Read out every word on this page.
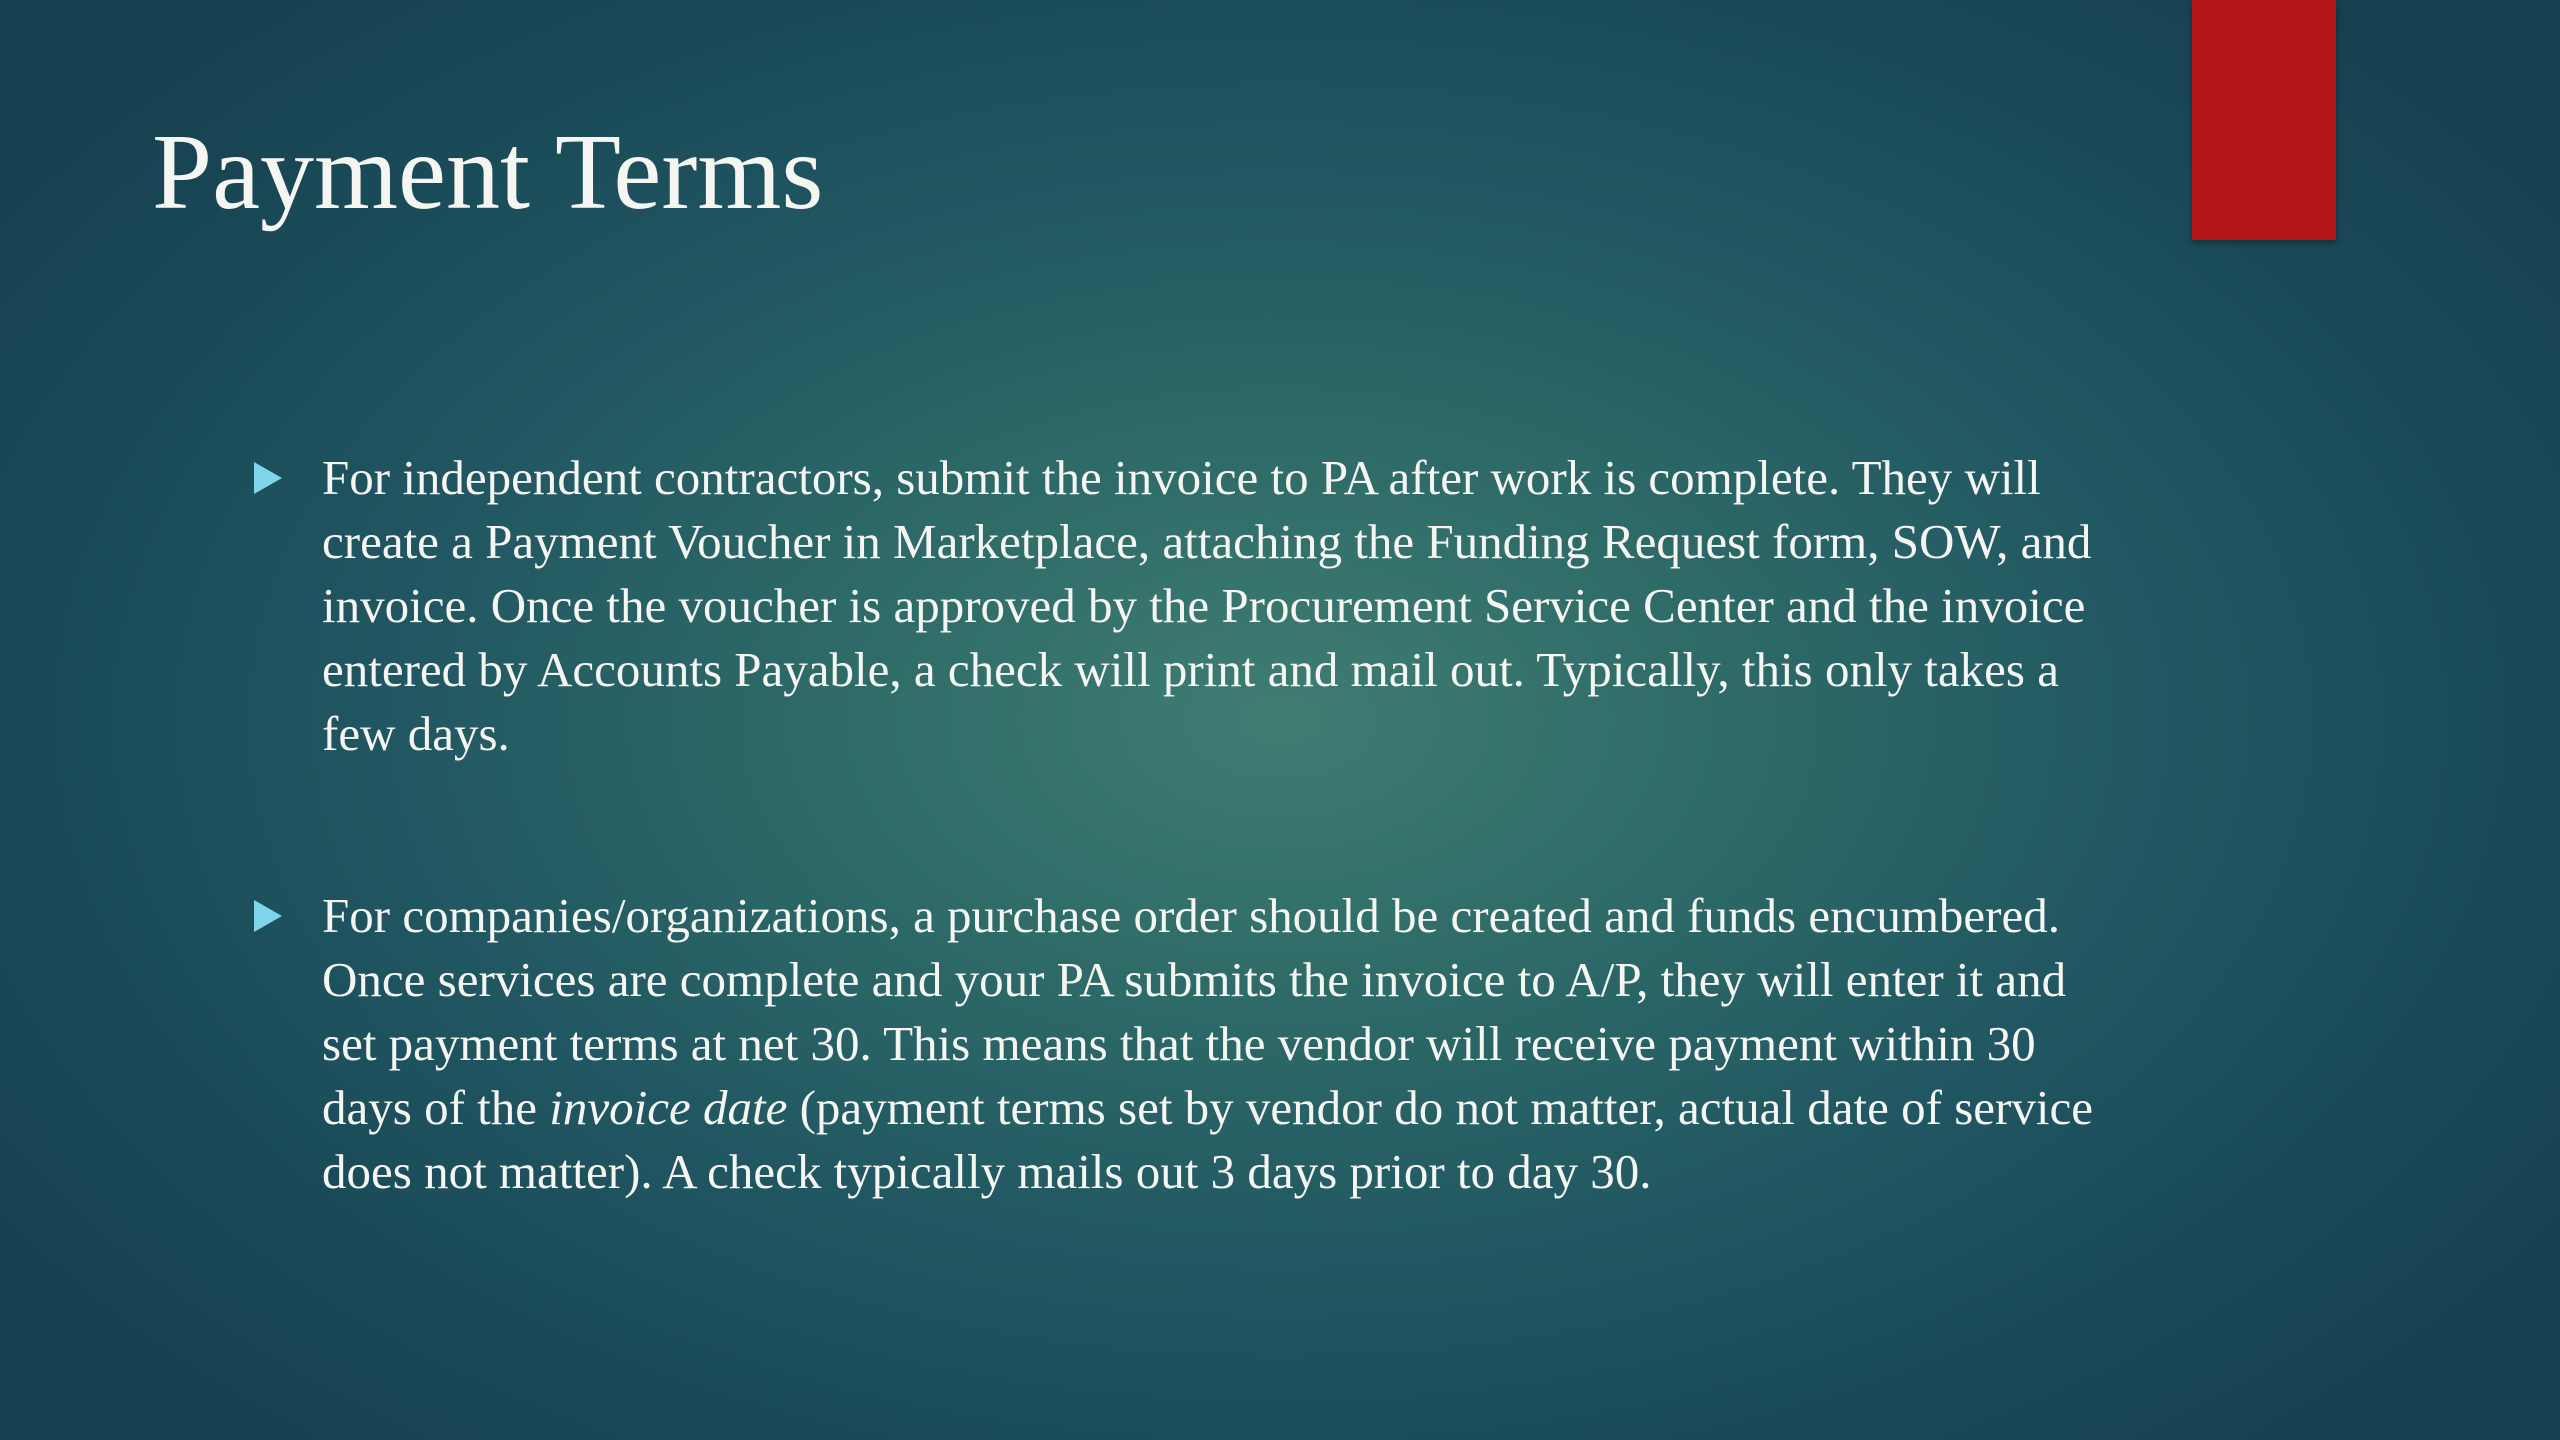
Payment Terms
For independent contractors, submit the invoice to PA after work is complete. They will create a Payment Voucher in Marketplace, attaching the Funding Request form, SOW, and invoice. Once the voucher is approved by the Procurement Service Center and the invoice entered by Accounts Payable, a check will print and mail out. Typically, this only takes a few days.
For companies/organizations, a purchase order should be created and funds encumbered. Once services are complete and your PA submits the invoice to A/P, they will enter it and set payment terms at net 30. This means that the vendor will receive payment within 30 days of the invoice date (payment terms set by vendor do not matter, actual date of service does not matter). A check typically mails out 3 days prior to day 30.
